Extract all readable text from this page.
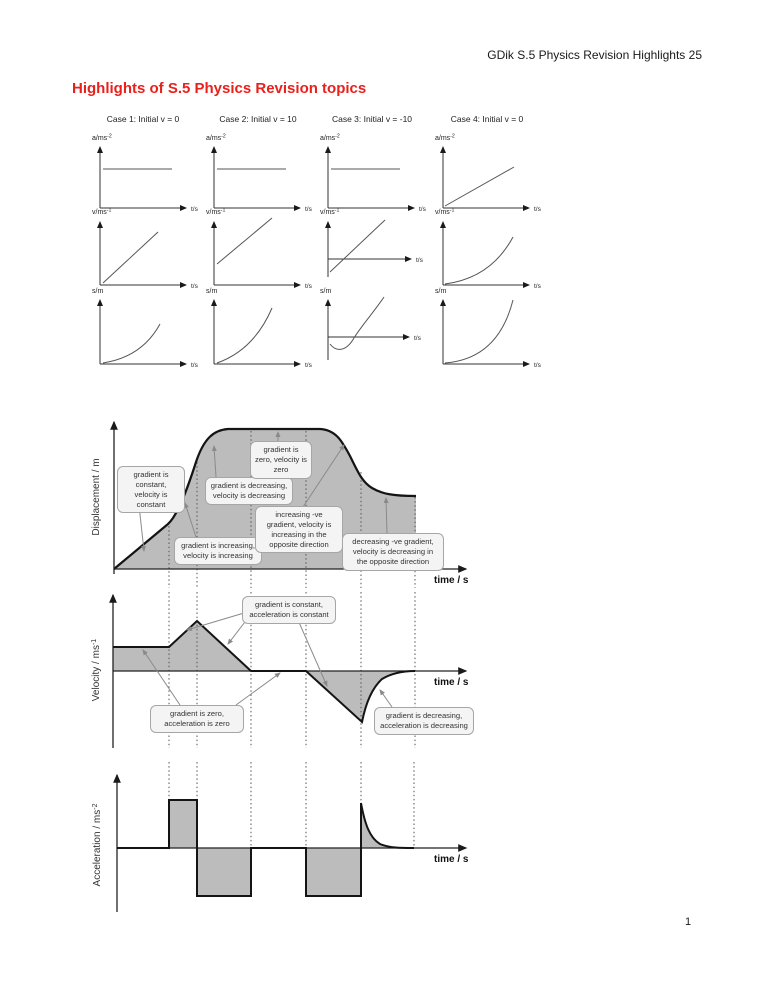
GDik S.5 Physics Revision Highlights 25
Highlights of S.5 Physics Revision topics
1
Case 1: Initial v = 0	Case 2: Initial v = 10	Case 3: Initial v = -10	Case 4: Initial v = 0
$a/ms^{-2}$
t/s
$a/ms^{-2}$
t/s
$a/ms^{-2}$
t/s
$a/ms^{-2}$
t/s
$v/ms^{-1}$
t/s
$v/ms^{-1}$
t/s
$v/ms^{-1}$
t/s
$v/ms^{-1}$
t/s
s/m
t/s
s/m
t/s
s/m
t/s
s/m
t/s
Displacement / m
time / s
Velocity / $ms^{-1}$
time / s
Acceleration / $ms^{-2}$
time / s
gradient is constant, velocity is constant
gradient is increasing, velocity is increasing
gradient is decreasing, velocity is decreasing
gradient is zero, velocity is zero
increasing -ve gradient, velocity is increasing in the opposite direction	decreasing -ve gradient, velocity is decreasing in the opposite direction
gradient is constant, acceleration is constant
gradient is zero, acceleration is zero
gradient is decreasing, acceleration is decreasing
